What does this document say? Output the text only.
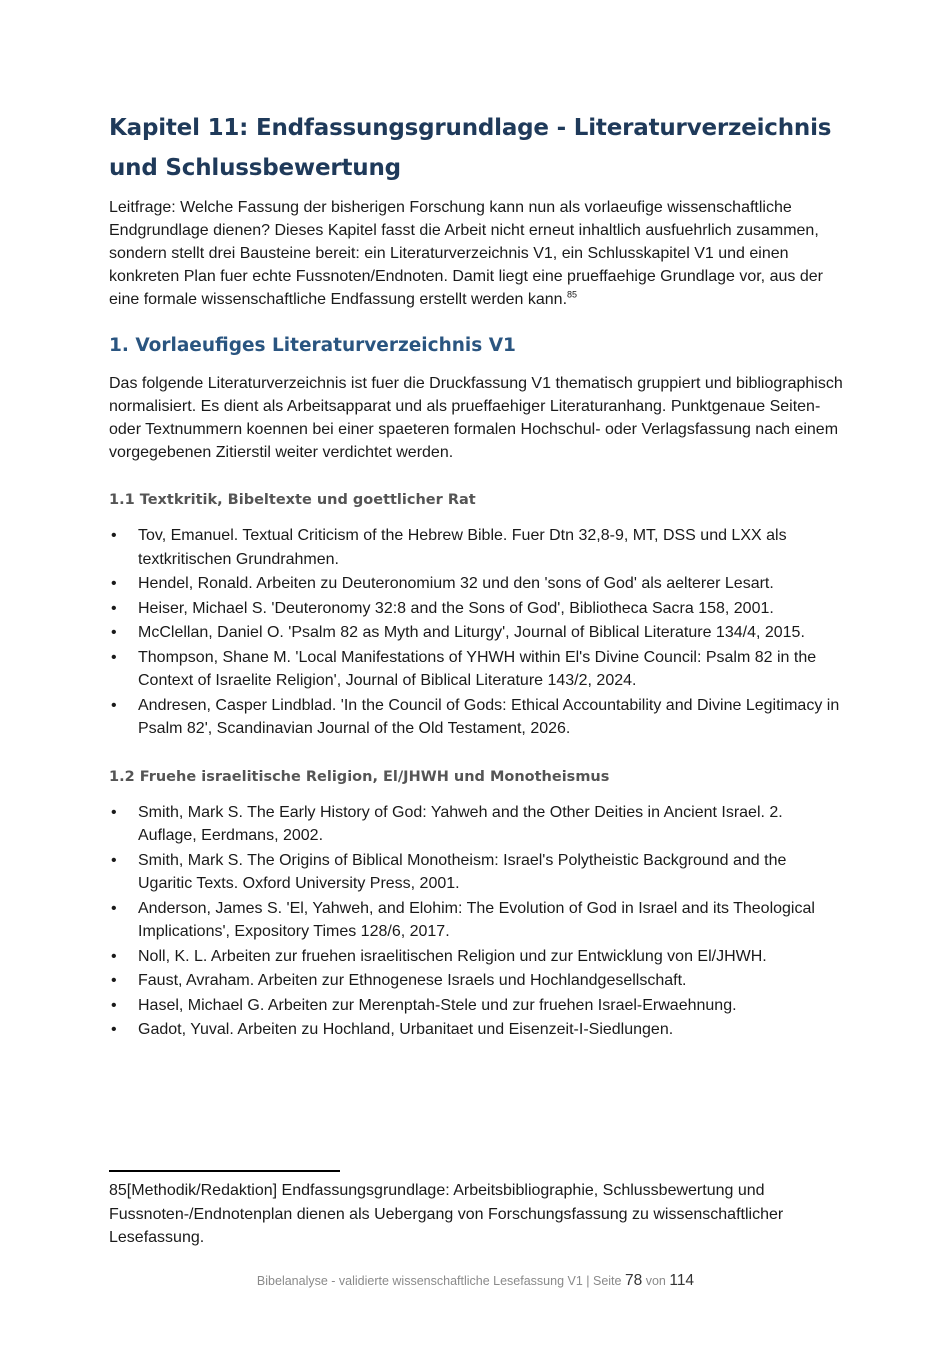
Kapitel 11: Endfassungsgrundlage - Literaturverzeichnis und Schlussbewertung

Leitfrage: Welche Fassung der bisherigen Forschung kann nun als vorlaeufige wissenschaftliche Endgrundlage dienen? Dieses Kapitel fasst die Arbeit nicht erneut inhaltlich ausfuehrlich zusammen, sondern stellt drei Bausteine bereit: ein Literaturverzeichnis V1, ein Schlusskapitel V1 und einen konkreten Plan fuer echte Fussnoten/Endnoten. Damit liegt eine prueffaehige Grundlage vor, aus der eine formale wissenschaftliche Endfassung erstellt werden kann.$^{85}$

1. Vorlaeufiges Literaturverzeichnis V1

Das folgende Literaturverzeichnis ist fuer die Druckfassung V1 thematisch gruppiert und bibliographisch normalisiert. Es dient als Arbeitsapparat und als prueffaehiger Literaturanhang. Punktgenaue Seiten- oder Textnummern koennen bei einer spaeteren formalen Hochschul- oder Verlagsfassung nach einem vorgegebenen Zitierstil weiter verdichtet werden.

1.1 Textkritik, Bibeltexte und goettlicher Rat
• Tov, Emanuel. Textual Criticism of the Hebrew Bible. Fuer Dtn 32,8-9, MT, DSS und LXX als textkritischen Grundrahmen.
• Hendel, Ronald. Arbeiten zu Deuteronomium 32 und den 'sons of God' als aelterer Lesart.
• Heiser, Michael S. 'Deuteronomy 32:8 and the Sons of God', Bibliotheca Sacra 158, 2001.
• McClellan, Daniel O. 'Psalm 82 as Myth and Liturgy', Journal of Biblical Literature 134/4, 2015.
• Thompson, Shane M. 'Local Manifestations of YHWH within El's Divine Council: Psalm 82 in the Context of Israelite Religion', Journal of Biblical Literature 143/2, 2024.
• Andresen, Casper Lindblad. 'In the Council of Gods: Ethical Accountability and Divine Legitimacy in Psalm 82', Scandinavian Journal of the Old Testament, 2026.
1.2 Fruehe israelitische Religion, El/JHWH und Monotheismus
• Smith, Mark S. The Early History of God: Yahweh and the Other Deities in Ancient Israel. 2. Auflage, Eerdmans, 2002.
• Smith, Mark S. The Origins of Biblical Monotheism: Israel's Polytheistic Background and the Ugaritic Texts. Oxford University Press, 2001.
• Anderson, James S. 'El, Yahweh, and Elohim: The Evolution of God in Israel and its Theological Implications', Expository Times 128/6, 2017.
• Noll, K. L. Arbeiten zur fruehen israelitischen Religion und zur Entwicklung von El/JHWH.
• Faust, Avraham. Arbeiten zur Ethnogenese Israels und Hochlandgesellschaft.
• Hasel, Michael G. Arbeiten zur Merenptah-Stele und zur fruehen Israel-Erwaehnung.
• Gadot, Yuval. Arbeiten zu Hochland, Urbanitaet und Eisenzeit-I-Siedlungen.
85[Methodik/Redaktion] Endfassungsgrundlage: Arbeitsbibliographie, Schlussbewertung und Fussnoten-/Endnotenplan dienen als Uebergang von Forschungsfassung zu wissenschaftlicher Lesefassung.
Bibelanalyse - validierte wissenschaftliche Lesefassung V1 | Seite 78 von 114
